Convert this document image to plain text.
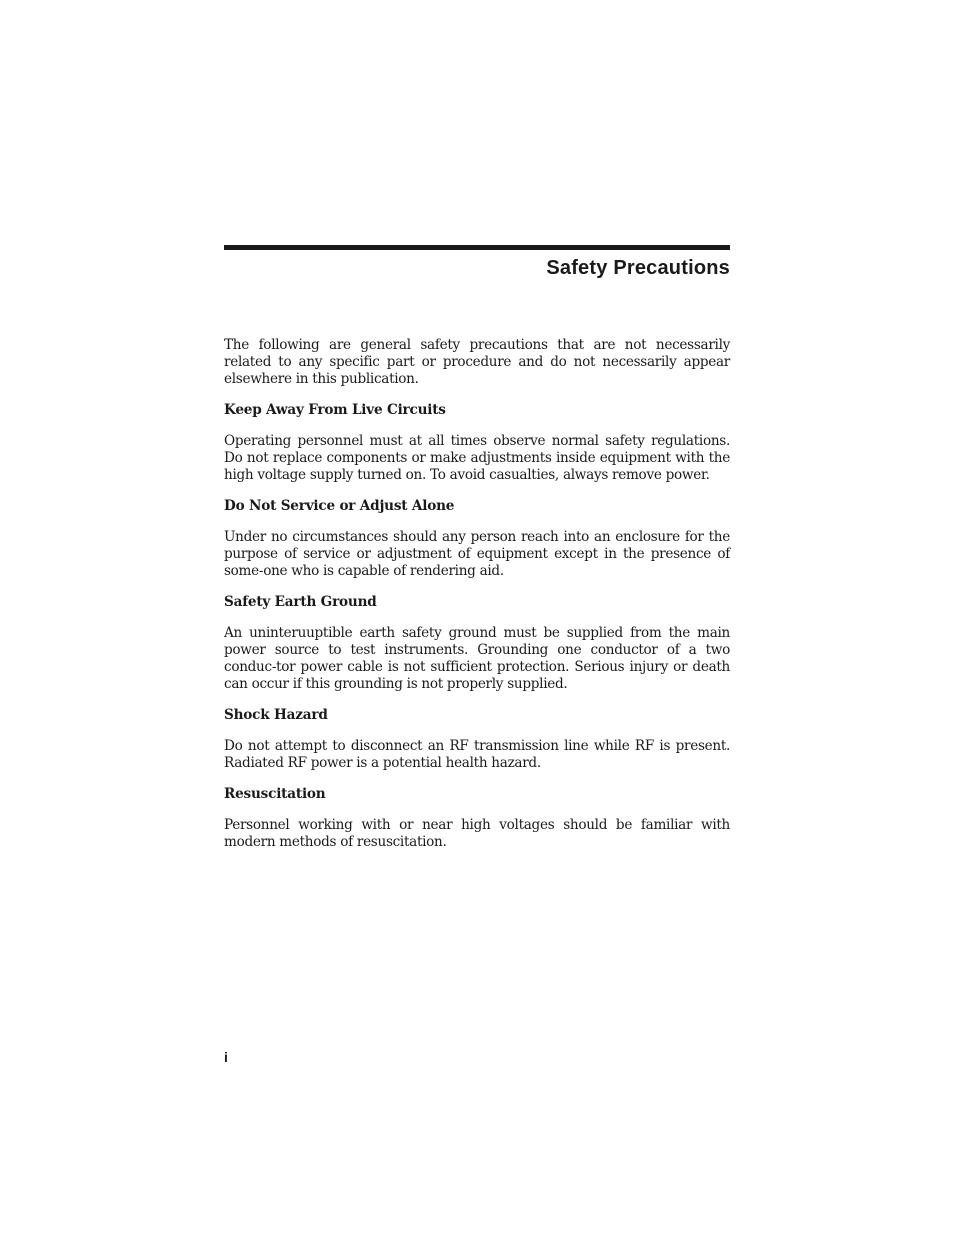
Safety Precautions

The following are general safety precautions that are not necessarily related to any specific part or procedure and do not necessarily appear elsewhere in this publication.

Keep Away From Live Circuits

Operating personnel must at all times observe normal safety regulations. Do not replace components or make adjustments inside equipment with the high voltage supply turned on. To avoid casualties, always remove power.

Do Not Service or Adjust Alone

Under no circumstances should any person reach into an enclosure for the purpose of service or adjustment of equipment except in the presence of some-one who is capable of rendering aid.

Safety Earth Ground

An uninteruuptible earth safety ground must be supplied from the main power source to test instruments. Grounding one conductor of a two conduc-tor power cable is not sufficient protection. Serious injury or death can occur if this grounding is not properly supplied.

Shock Hazard

Do not attempt to disconnect an RF transmission line while RF is present. Radiated RF power is a potential health hazard.

Resuscitation

Personnel working with or near high voltages should be familiar with modern methods of resuscitation.

i
